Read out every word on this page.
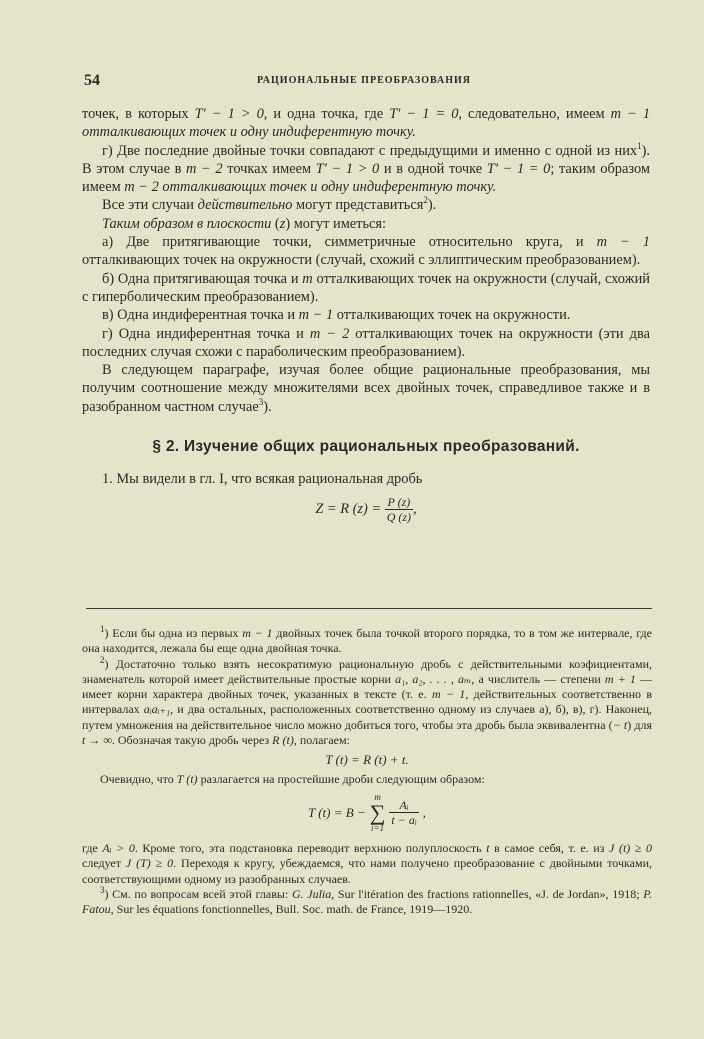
54	РАЦИОНАЛЬНЫЕ ПРЕОБРАЗОВАНИЯ

точек, в которых T′ − 1 > 0, и одна точка, где T′ − 1 = 0, следовательно, имеем m − 1 отталкивающих точек и одну индиферентную точку.

г) Две последние двойные точки совпадают с предыдущими и именно с одной из них$^1$). В этом случае в m − 2 точках имеем T′ − 1 > 0 и в одной точке T′ − 1 = 0; таким образом имеем m − 2 отталкивающих точек и одну индиферентную точку.

Все эти случаи действительно могут представиться$^2$).

Таким образом в плоскости (z) могут иметься:

а) Две притягивающие точки, симметричные относительно круга, и m − 1 отталкивающих точек на окружности (случай, схожий с эллиптическим преобразованием).

б) Одна притягивающая точка и m отталкивающих точек на окружности (случай, схожий с гиперболическим преобразованием).

в) Одна индиферентная точка и m − 1 отталкивающих точек на окружности.

г) Одна индиферентная точка и m − 2 отталкивающих точек на окружности (эти два последних случая схожи с параболическим преобразованием).

В следующем параграфе, изучая более общие рациональные преобразования, мы получим соотношение между множителями всех двойных точек, справедливое также и в разобранном частном случае$^3$).

§ 2. Изучение общих рациональных преобразований.

1. Мы видели в гл. I, что всякая рациональная дробь

Z = R $(z) = \frac{P (z)}{Q (z)}$ ,

$^1$) Если бы одна из первых m − 1 двойных точек была точкой второго порядка, то в том же интервале, где она находится, лежала бы еще одна двойная точка.

$^2$) Достаточно только взять несократимую рациональную дробь с действительными коэфициентами, знаменатель которой имеет действительные простые корни a₁, a₂, . . . , aₘ, а числитель — степени m + 1 — имеет корни характера двойных точек, указанных в тексте (т. е. m − 1, действительных соответственно в интервалах aᵢaᵢ₊₁, и два остальных, расположенных соответственно одному из случаев а), б), в), г). Наконец, путем умножения на действительное число можно добиться того, чтобы эта дробь была эквивалентна (− t) для t → ∞. Обозначая такую дробь через R (t), полагаем:

T (t) = R (t) + t.

Очевидно, что T (t) разлагается на простейшие дроби следующим образом:

T (t) = B −
m
∑
i=1
$\frac{\text{Aᵢ}}{\text{t − aᵢ}}$ ,

где Aᵢ > 0. Кроме того, эта подстановка переводит верхнюю полуплоскость t в самое себя, т. е. из J (t) ≥ 0 следует J (T) ≥ 0. Переходя к кругу, убеждаемся, что нами получено преобразование с двойными точками, соответствующими одному из разобранных случаев.

$^3$) См. по вопросам всей этой главы: G. Julia, Sur l'itération des fractions rationnelles, «J. de Jordan», 1918; P. Fatou, Sur les équations fonctionnelles, Bull. Soc. math. de France, 1919—1920.
